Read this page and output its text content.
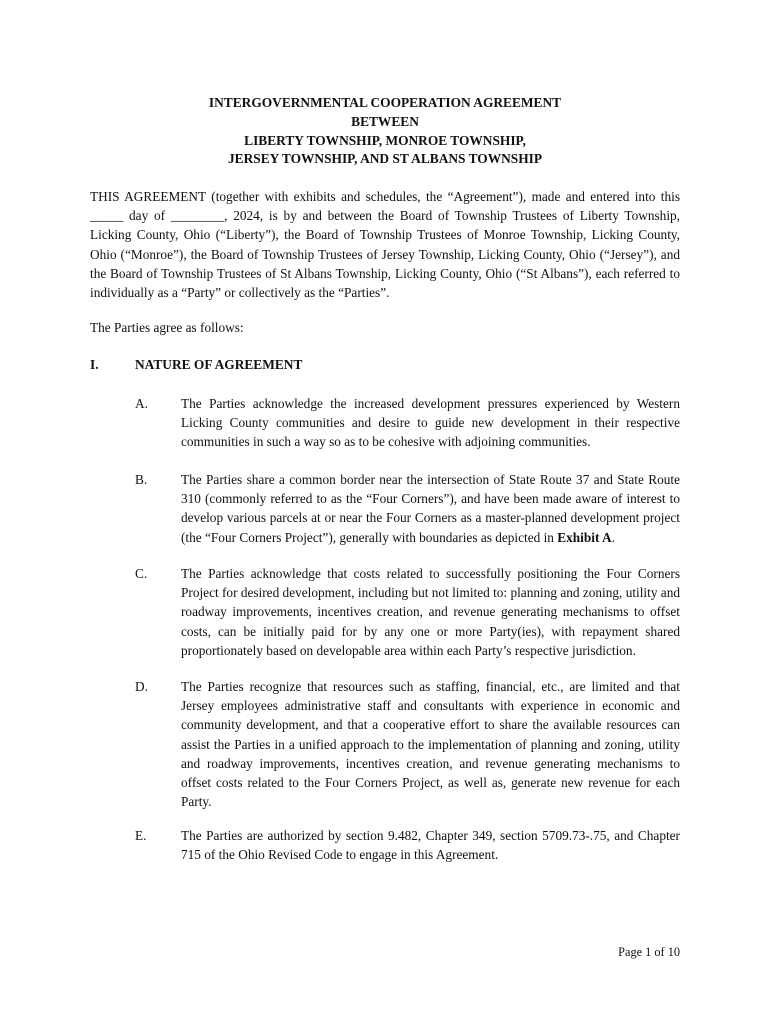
INTERGOVERNMENTAL COOPERATION AGREEMENT
BETWEEN
LIBERTY TOWNSHIP, MONROE TOWNSHIP,
JERSEY TOWNSHIP, AND ST ALBANS TOWNSHIP
THIS AGREEMENT (together with exhibits and schedules, the “Agreement”), made and entered into this _____ day of ________, 2024, is by and between the Board of Township Trustees of Liberty Township, Licking County, Ohio (“Liberty”), the Board of Township Trustees of Monroe Township, Licking County, Ohio (“Monroe”), the Board of Township Trustees of Jersey Township, Licking County, Ohio (“Jersey”), and the Board of Township Trustees of St Albans Township, Licking County, Ohio (“St Albans”), each referred to individually as a “Party” or collectively as the “Parties”.
The Parties agree as follows:
I.	NATURE OF AGREEMENT
A. The Parties acknowledge the increased development pressures experienced by Western Licking County communities and desire to guide new development in their respective communities in such a way so as to be cohesive with adjoining communities.
B.	The Parties share a common border near the intersection of State Route 37 and State Route 310 (commonly referred to as the “Four Corners”), and have been made aware of interest to develop various parcels at or near the Four Corners as a master-planned development project (the “Four Corners Project”), generally with boundaries as depicted in Exhibit A.
C.	The Parties acknowledge that costs related to successfully positioning the Four Corners Project for desired development, including but not limited to: planning and zoning, utility and roadway improvements, incentives creation, and revenue generating mechanisms to offset costs, can be initially paid for by any one or more Party(ies), with repayment shared proportionately based on developable area within each Party’s respective jurisdiction.
D. The Parties recognize that resources such as staffing, financial, etc., are limited and that Jersey employees administrative staff and consultants with experience in economic and community development, and that a cooperative effort to share the available resources can assist the Parties in a unified approach to the implementation of planning and zoning, utility and roadway improvements, incentives creation, and revenue generating mechanisms to offset costs related to the Four Corners Project, as well as, generate new revenue for each Party.
E.	The Parties are authorized by section 9.482, Chapter 349, section 5709.73-.75, and Chapter 715 of the Ohio Revised Code to engage in this Agreement.
Page 1 of 10
